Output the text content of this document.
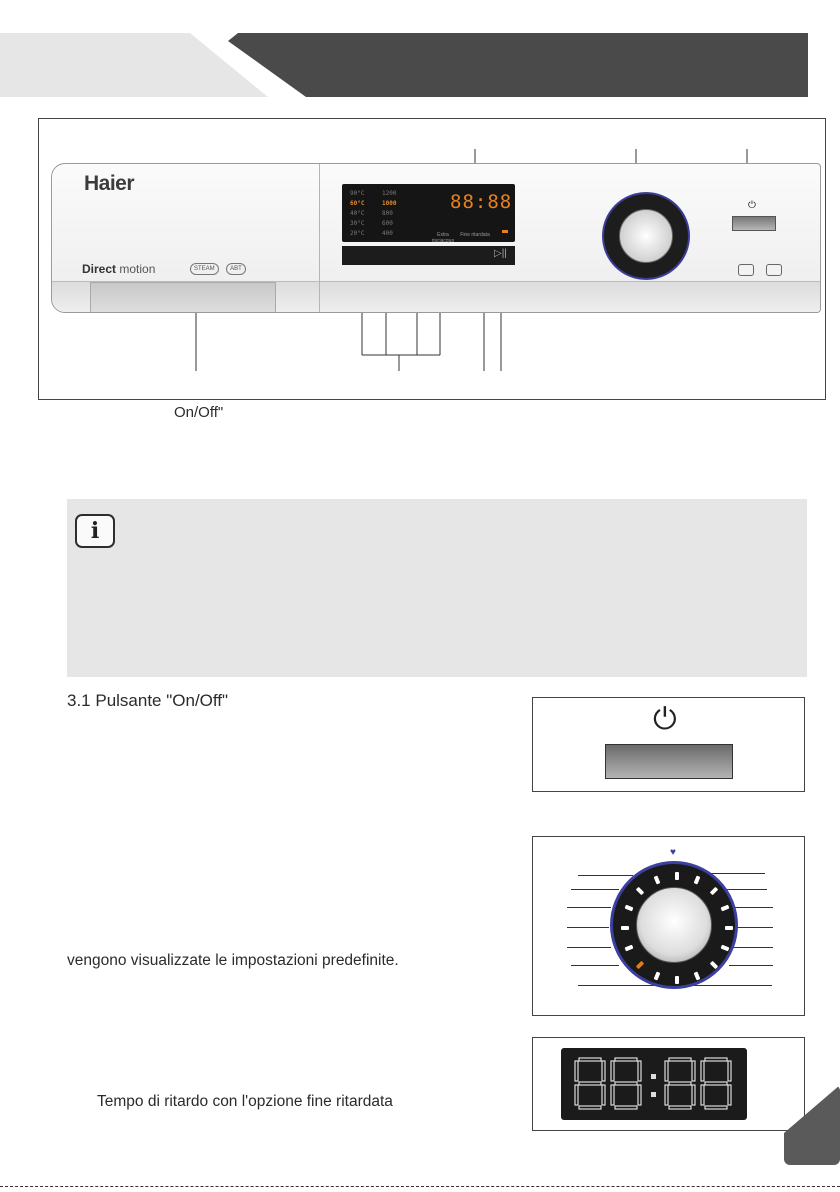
Haier
Direct motion	STEAM	ABT
90°C
60°C
40°C
30°C
20°C
1200
1000
800
600
400
88:88
Extra risciacquo
Fine ritardata
▷||
⏻
On/Off"
i
3.1 Pulsante "On/Off"
vengono visualizzate le impostazioni predefinite.
Tempo di ritardo con l'opzione fine ritardata
⏻
♥
